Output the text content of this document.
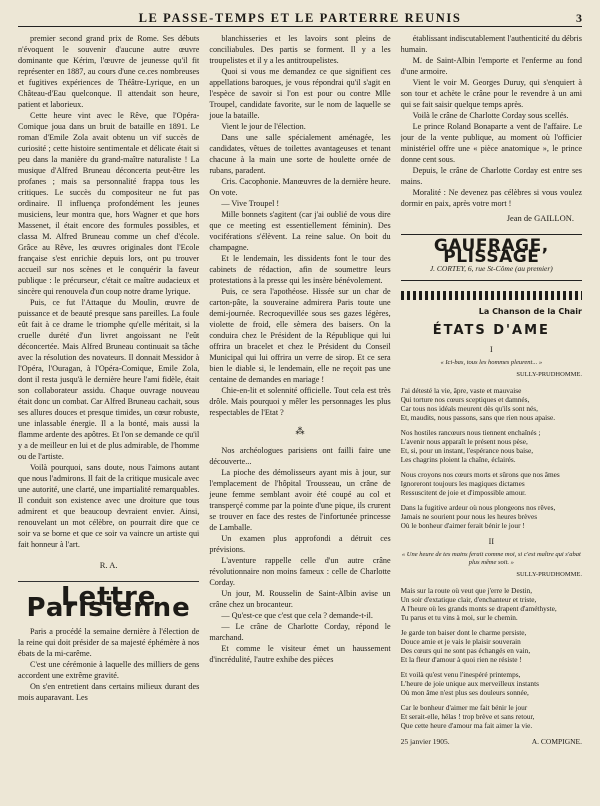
LE PASSE-TEMPS ET LE PARTERRE REUNIS	3

premier second grand prix de Rome. Ses débuts n'évoquent le souvenir d'aucune autre œuvre dominante que Kérim, l'œuvre de jeunesse qu'il fit représenter en 1887, au cours d'une ce.ces nombreuses et fugitives expériences de Théâtre-Lyrique, en un Château-d'Eau quelconque. Il attendait son heure, patient et laborieux.

Cette heure vint avec le Rêve, que l'Opéra-Comique joua dans un bruit de bataille en 1891. Le roman d'Emile Zola avait obtenu un vif succès de curiosité ; cette histoire sentimentale et délicate était si peu dans la manière du grand-maître naturaliste ! La musique d'Alfred Bruneau déconcerta peut-être les profanes ; mais sa personnalité frappa tous les critiques. Le succès du compositeur ne fut pas ordinaire. Il influença profondément les jeunes musiciens, leur montra que, hors Wagner et que hors Massenet, il était encore des formules possibles, et classa M. Alfred Bruneau comme un chef d'école. Grâce au Rêve, les œuvres originales dont l'Ecole française s'est enrichie depuis lors, ont pu trouver accueil sur nos scènes et le conquérir la faveur publique : le précurseur, c'était ce maître audacieux et sincère qui renouvela d'un coup notre drame lyrique.

Puis, ce fut l'Attaque du Moulin, œuvre de puissance et de beauté presque sans pareilles. La foule eût fait à ce drame le triomphe qu'elle méritait, si la cruelle durété d'un livret angoissant ne l'eût déconcertée. Mais Alfred Bruneau continuait sa tâche avec la résolution des novateurs. Il donnait Messidor à l'Opéra, l'Ouragan, à l'Opéra-Comique, Emile Zola, dont il resta jusqu'à le dernière heure l'ami fidèle, était son collaborateur assidu. Chaque ouvrage nouveau était donc un combat. Car Alfred Bruneau cachait, sous ses allures douces et presque timides, un cœur robuste, une inlassable énergie. Il a la bonté, mais aussi la flamme ardente des apôtres. Et l'on se demande ce qu'il y a de meilleur en lui et de plus admirable, de l'homme ou de l'artiste.

Voilà pourquoi, sans doute, nous l'aimons autant que nous l'admirons. Il fait de la critique musicale avec une autorité, une clarté, une impartialité remarquables. Il conduit son existence avec une droiture que tous admirent et que beaucoup devraient envier. Ainsi, renouvelant un mot célèbre, on pourrait dire que ce soir va se borne et que ce soir va vaincre un artiste qui fait honneur à l'art.

R. A.
Lettre Parisienne

Paris a procédé la semaine dernière à l'élection de la reine qui doit présider de sa majesté éphémère à nos ébats de la mi-carême.

C'est une cérémonie à laquelle des milliers de gens accordent une extrême gravité.

On s'en entretient dans certains milieux durant des mois auparavant. Les

blanchisseries et les lavoirs sont pleins de conciliabules. Des partis se forment. Il y a les troupelistes et il y a les antitroupelistes.

Quoi si vous me demandez ce que signifient ces appellations baroques, je vous répondrai qu'il s'agit en l'espèce de savoir si l'on est pour ou contre Mlle Troupel, candidate favorite, sur le nom de laquelle se joue la bataille.

Vient le jour de l'élection.

Dans une salle spécialement aménagée, les candidates, vêtues de toilettes avantageuses et tenant chacune à la main une sorte de houlette ornée de rubans, paradent.

Cris. Cacophonie. Manœuvres de la dernière heure. On vote.

— Vive Troupel !

Mille bonnets s'agitent (car j'ai oublié de vous dire que ce meeting est essentiellement féminin). Des vociférations s'élèvent. La reine salue. On boit du champagne.

Et le lendemain, les dissidents font le tour des cabinets de rédaction, afin de soumettre leurs protestations à la presse qui les insère bénévolement.

Puis, ce sera l'apothéose. Hissée sur un char de carton-pâte, la souveraine admirera Paris toute une demi-journée. Recroquevillée sous ses gazes légères, violette de froid, elle sèmera des baisers. On la conduira chez le Président de la République qui lui offrira un bracelet et chez le Président du Conseil Municipal qui lui offrira un verre de sirop. Et ce sera bien le diable si, le lendemain, elle ne reçoit pas une centaine de demandes en mariage !

Chie-en-lit et solennité officielle. Tout cela est très drôle. Mais pourquoi y mêler les personnages les plus respectables de l'Etat ?

⁂

Nos archéologues parisiens ont failli faire une découverte...

La pioche des démolisseurs ayant mis à jour, sur l'emplacement de l'hôpital Trousseau, un crâne de jeune femme semblant avoir été coupé au col et transperçé comme par la pointe d'une pique, ils crurent se trouver en face des restes de l'infortunée princesse de Lamballe.

Un examen plus approfondi a détruit ces prévisions.

L'aventure rappelle celle d'un autre crâne révolutionnaire non moins fameux : celle de Charlotte Corday.

Un jour, M. Rousselin de Saint-Albin avise un crâne chez un brocanteur.

— Qu'est-ce que c'est que cela ? demande-t-il.

— Le crâne de Charlotte Corday, répond le marchand.

Et comme le visiteur émet un haussement d'incrédulité, l'autre exhibe des pièces

établissant indiscutablement l'authenticité du débris humain.

M. de Saint-Albin l'emporte et l'enferme au fond d'une armoire.

Vient le voir M. Georges Duruy, qui s'enquiert à son tour et achète le crâne pour le revendre à un ami qui se fait saisir quelque temps après.

Voilà le crâne de Charlotte Corday sous scellés.

Le prince Roland Bonaparte a vent de l'affaire. Le jour de la vente publique, au moment où l'officier ministériel offre une « pièce anatomique », le prince donne cent sous.

Depuis, le crâne de Charlotte Corday est entre ses mains.

Moralité : Ne devenez pas célèbres si vous voulez dormir en paix, après votre mort !

Jean de GAILLON.
GAUFRAGE, PLISSAGE
J. CORTEY, 6, rue St-Côme (au premier)
La Chanson de la Chair
ÉTATS D'AME
I
« Ici-bas, tous les hommes pleurent... »
SULLY-PRUDHOMME.
J'ai détesté la vie, âpre, vaste et mauvaise
Qui torture nos cœurs sceptiques et damnés,
Car tous nos idéals meurent dès qu'ils sont nés,
Et, maudits, nous passons, sans que rien nous apaise.
Nos hostiles rancœurs nous tiennent enchaînés ;
L'avenir nous apparaît le présent nous pèse,
Et, si, pour un instant, l'espérance nous baise,
Les chagrins ploient la chaîne, éclairés.
Nous croyons nos cœurs morts et sûrons que nos âmes
Ignoreront toujours les magiques dictames
Ressuscitent de joie et d'impossible amour.
Dans la fugitive ardeur où nous plongeons nos rêves,
Jamais ne sourient pour nous les heures brèves
Où le bonheur d'aimer ferait bénir le jour !
II
« Une heure de tes mains ferait comme moi, si c'est maître qui s'abat plus même soit. »
SULLY-PRUDHOMME.
Mais sur la route où veut que j'erre le Destin,
Un soir d'extatique clair, d'enchanteur et triste,
A l'heure où les grands monts se drapent d'améthyste,
Tu parus et tu vins à moi, sur le chemin.
Je garde ton baiser dont le charme persiste,
Douce amie et je vais le plaisir souverain
Des cœurs qui ne sont pas échangés en vain,
Et la fleur d'amour à quoi rien ne résiste !
Et voilà qu'est venu l'inespéré printemps,
L'heure de joie unique aux merveilleux instants
Où mon âme n'est plus ses douleurs sonnée,
Car le bonheur d'aimer me fait bénir le jour
Et serait-elle, hélas ! trop brève et sans retour,
Que cette heure d'amour ma fait aimer la vie.
25 janvier 1905.	A. COMPIGNE.
